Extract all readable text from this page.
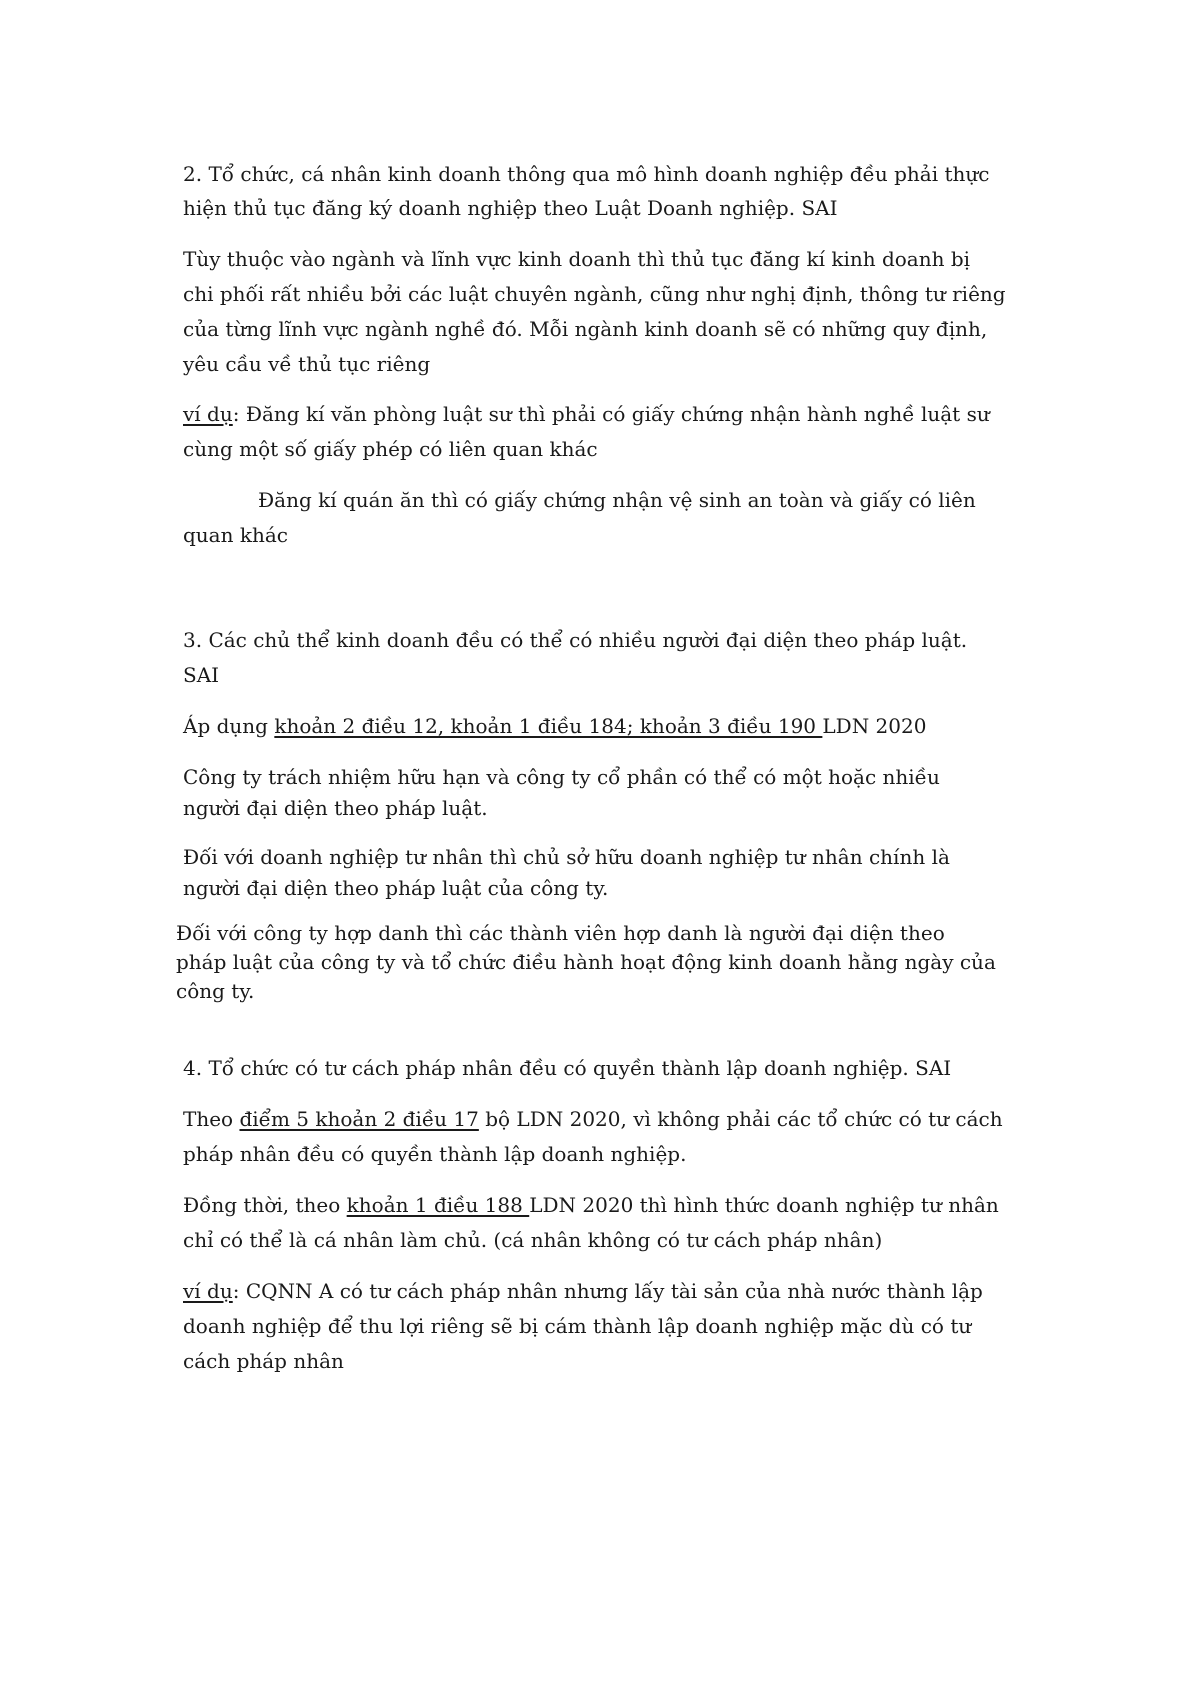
2. Tổ chức, cá nhân kinh doanh thông qua mô hình doanh nghiệp đều phải thực
hiện thủ tục đăng ký doanh nghiệp theo Luật Doanh nghiệp. SAI
Tùy thuộc vào ngành và lĩnh vực kinh doanh thì thủ tục đăng kí kinh doanh bị
chi phối rất nhiều bởi các luật chuyên ngành, cũng như nghị định, thông tư riêng
của từng lĩnh vực ngành nghề đó. Mỗi ngành kinh doanh sẽ có những quy định,
yêu cầu về thủ tục riêng
ví dụ: Đăng kí văn phòng luật sư thì phải có giấy chứng nhận hành nghề luật sư
cùng một số giấy phép có liên quan khác
Đăng kí quán ăn thì có giấy chứng nhận vệ sinh an toàn và giấy có liên
quan khác
3. Các chủ thể kinh doanh đều có thể có nhiều người đại diện theo pháp luật.
SAI
Áp dụng khoản 2 điều 12, khoản 1 điều 184; khoản 3 điều 190 LDN 2020
Công ty trách nhiệm hữu hạn và công ty cổ phần có thể có một hoặc nhiều
người đại diện theo pháp luật.
Đối với doanh nghiệp tư nhân thì chủ sở hữu doanh nghiệp tư nhân chính là
người đại diện theo pháp luật của công ty.
Đối với công ty hợp danh thì các thành viên hợp danh là người đại diện theo
pháp luật của công ty và tổ chức điều hành hoạt động kinh doanh hằng ngày của
công ty.
4. Tổ chức có tư cách pháp nhân đều có quyền thành lập doanh nghiệp. SAI
Theo điểm 5 khoản 2 điều 17 bộ LDN 2020, vì không phải các tổ chức có tư cách
pháp nhân đều có quyền thành lập doanh nghiệp.
Đồng thời, theo khoản 1 điều 188 LDN 2020 thì hình thức doanh nghiệp tư nhân
chỉ có thể là cá nhân làm chủ. (cá nhân không có tư cách pháp nhân)
ví dụ: CQNN A có tư cách pháp nhân nhưng lấy tài sản của nhà nước thành lập
doanh nghiệp để thu lợi riêng sẽ bị cám thành lập doanh nghiệp mặc dù có tư
cách pháp nhân
